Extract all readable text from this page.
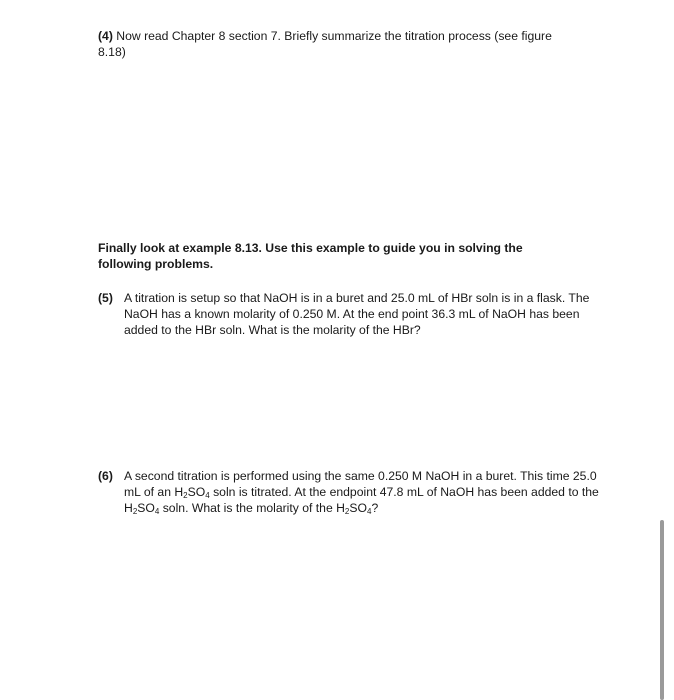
(4) Now read Chapter 8 section 7. Briefly summarize the titration process (see figure 8.18)
Finally look at example 8.13. Use this example to guide you in solving the following problems.
(5) A titration is setup so that NaOH is in a buret and 25.0 mL of HBr soln is in a flask. The NaOH has a known molarity of 0.250 M. At the end point 36.3 mL of NaOH has been added to the HBr soln. What is the molarity of the HBr?
(6) A second titration is performed using the same 0.250 M NaOH in a buret. This time 25.0 mL of an $H_2SO_4$ soln is titrated. At the endpoint 47.8 mL of NaOH has been added to the $H_2SO_4$ soln. What is the molarity of the $H_2SO_4$?
